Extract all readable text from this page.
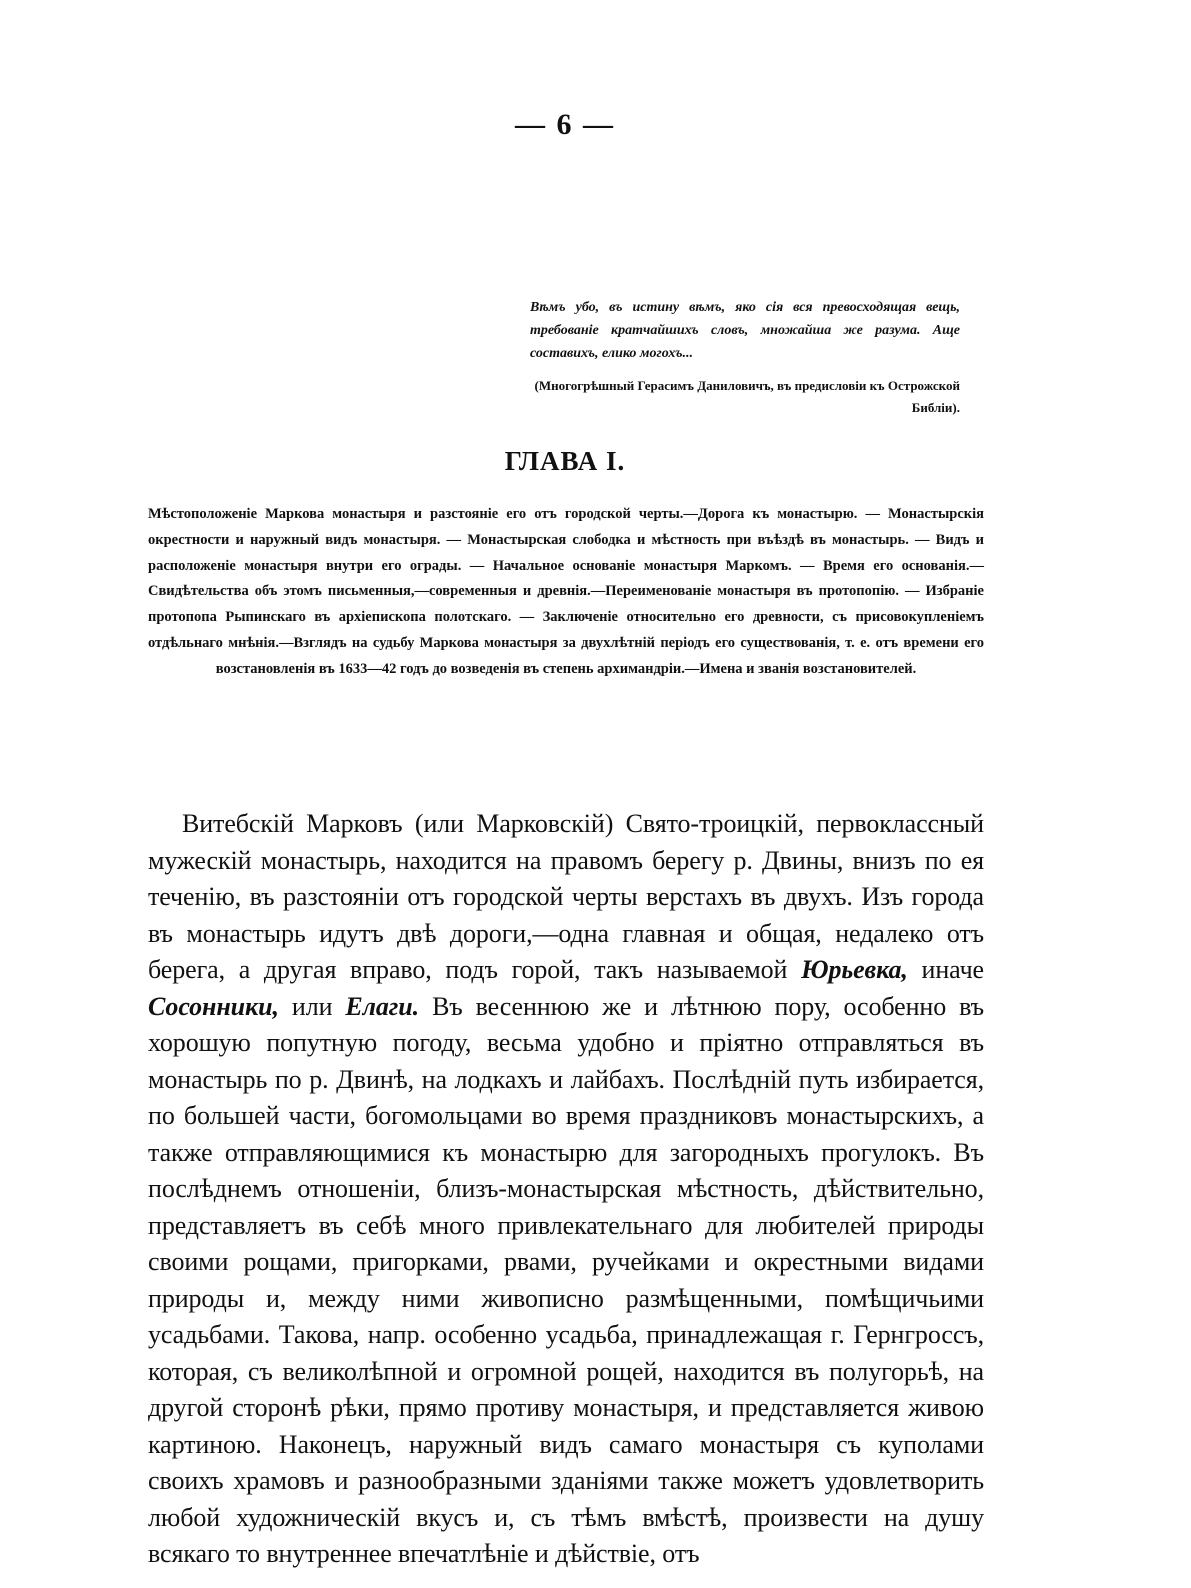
— 6 —

Вѣмъ убо, въ истину вѣмъ, яко сія вся превосходящая вещь, требованіе кратчайшихъ словъ, множайша же разума. Аще составихъ, елико могохъ...

(Многогрѣшный Герасимъ Даниловичъ, въ предисловіи къ Острожской Библіи).

ГЛАВА I.

Мѣстоположеніе Маркова монастыря и разстояніе его отъ городской черты.—Дорога къ монастырю. — Монастырскія окрестности и наружный видъ монастыря. — Монастырская слободка и мѣстность при въѣздѣ въ монастырь. — Видъ и расположеніе монастыря внутри его ограды. — Начальное основаніе монастыря Маркомъ. — Время его основанія.—Свидѣтельства объ этомъ письменныя,—современныя и древнія.—Переименованіе монастыря въ протопопію. — Избраніе протопопа Рыпинскаго въ архіепископа полотскаго. — Заключеніе относительно его древности, съ присовокупленіемъ отдѣльнаго мнѣнія.—Взглядъ на судьбу Маркова монастыря за двухлѣтній періодъ его существованія, т. е. отъ времени его возстановленія въ 1633—42 годъ до возведенія въ степень архимандріи.—Имена и званія возстановителей.

Витебскій Марковъ (или Марковскій) Свято-троицкій, первоклассный мужескій монастырь, находится на правомъ берегу р. Двины, внизъ по ея теченію, въ разстояніи отъ городской черты верстахъ въ двухъ. Изъ города въ монастырь идутъ двѣ дороги,—одна главная и общая, недалеко отъ берега, а другая вправо, подъ горой, такъ называемой Юрьевка, иначе Сосонники, или Елаги. Въ весеннюю же и лѣтнюю пору, особенно въ хорошую попутную погоду, весьма удобно и пріятно отправляться въ монастырь по р. Двинѣ, на лодкахъ и лайбахъ. Послѣдній путь избирается, по большей части, богомольцами во время праздниковъ монастырскихъ, а также отправляющимися къ монастырю для загородныхъ прогулокъ. Въ послѣднемъ отношеніи, близъ-монастырская мѣстность, дѣйствительно, представляетъ въ себѣ много привлекательнаго для любителей природы своими рощами, пригорками, рвами, ручейками и окрестными видами природы и, между ними живописно размѣщенными, помѣщичьими усадьбами. Такова, напр. особенно усадьба, принадлежащая г. Гернгроссъ, которая, съ великолѣпной и огромной рощей, находится въ полугорьѣ, на другой сторонѣ рѣки, прямо противу монастыря, и представляется живою картиною. Наконецъ, наружный видъ самаго монастыря съ куполами своихъ храмовъ и разнообразными зданіями также можетъ удовлетворить любой художническій вкусъ и, съ тѣмъ вмѣстѣ, произвести на душу всякаго то внутреннее впечатлѣніе и дѣйствіе, отъ
